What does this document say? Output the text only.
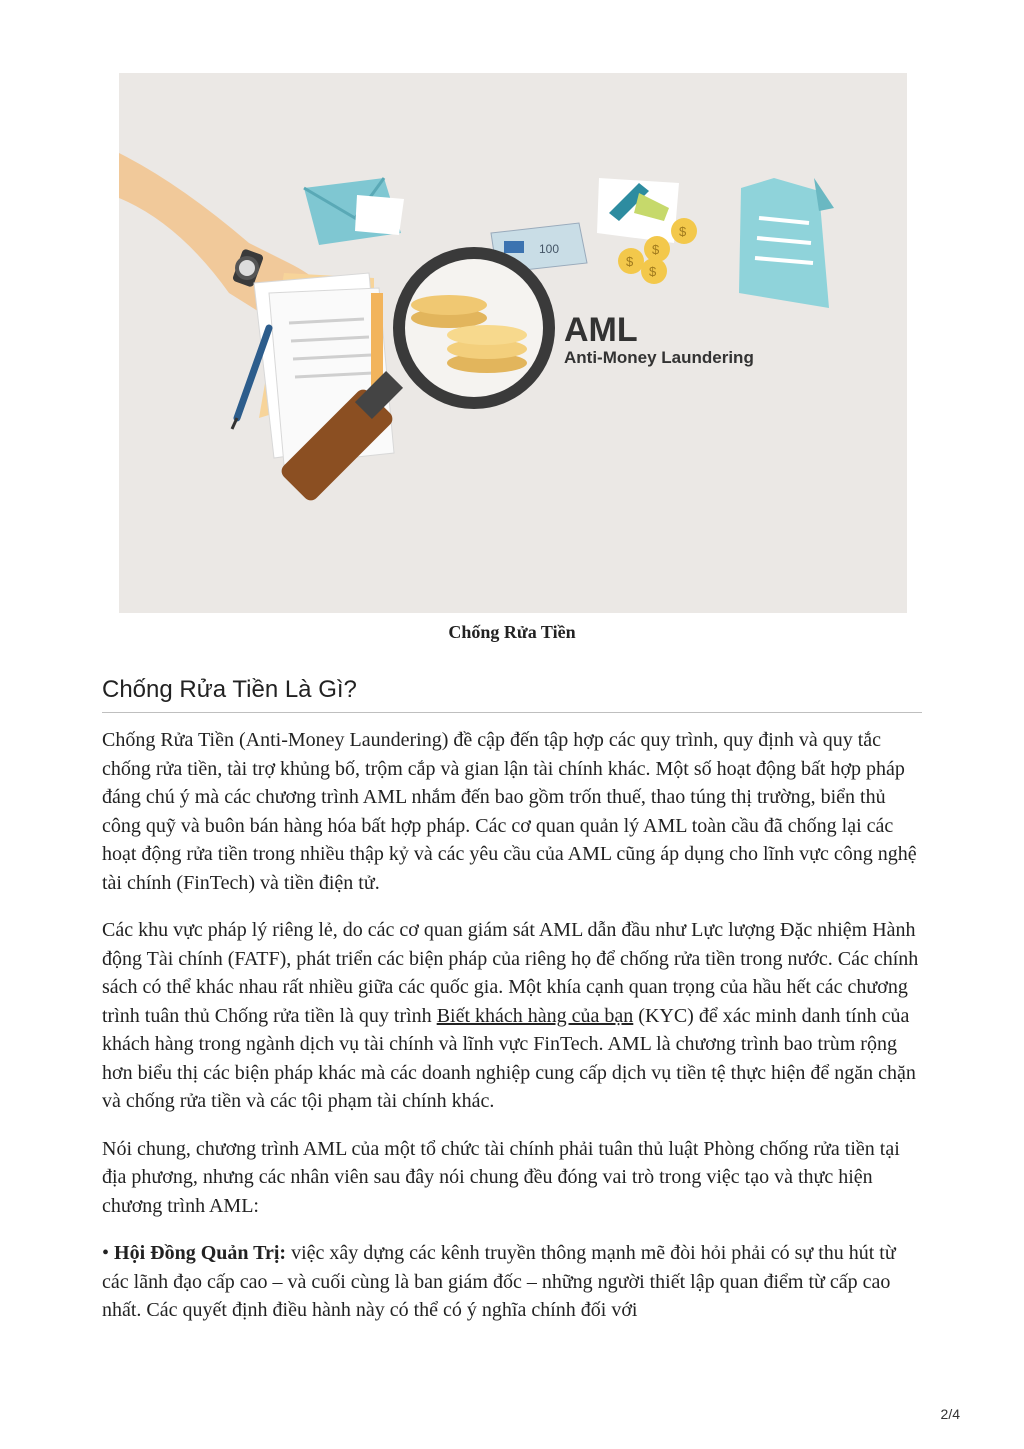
100
$
$
$
$
AML
Anti-Money Laundering
Chống Rửa Tiền
Chống Rửa Tiền Là Gì?

Chống Rửa Tiền (Anti-Money Laundering) đề cập đến tập hợp các quy trình, quy định và quy tắc chống rửa tiền, tài trợ khủng bố, trộm cắp và gian lận tài chính khác. Một số hoạt động bất hợp pháp đáng chú ý mà các chương trình AML nhắm đến bao gồm trốn thuế, thao túng thị trường, biển thủ công quỹ và buôn bán hàng hóa bất hợp pháp. Các cơ quan quản lý AML toàn cầu đã chống lại các hoạt động rửa tiền trong nhiều thập kỷ và các yêu cầu của AML cũng áp dụng cho lĩnh vực công nghệ tài chính (FinTech) và tiền điện tử.

Các khu vực pháp lý riêng lẻ, do các cơ quan giám sát AML dẫn đầu như Lực lượng Đặc nhiệm Hành động Tài chính (FATF), phát triển các biện pháp của riêng họ để chống rửa tiền trong nước. Các chính sách có thể khác nhau rất nhiều giữa các quốc gia. Một khía cạnh quan trọng của hầu hết các chương trình tuân thủ Chống rửa tiền là quy trình Biết khách hàng của bạn (KYC) để xác minh danh tính của khách hàng trong ngành dịch vụ tài chính và lĩnh vực FinTech. AML là chương trình bao trùm rộng hơn biểu thị các biện pháp khác mà các doanh nghiệp cung cấp dịch vụ tiền tệ thực hiện để ngăn chặn và chống rửa tiền và các tội phạm tài chính khác.

Nói chung, chương trình AML của một tổ chức tài chính phải tuân thủ luật Phòng chống rửa tiền tại địa phương, nhưng các nhân viên sau đây nói chung đều đóng vai trò trong việc tạo và thực hiện chương trình AML:

• Hội Đồng Quản Trị: việc xây dựng các kênh truyền thông mạnh mẽ đòi hỏi phải có sự thu hút từ các lãnh đạo cấp cao – và cuối cùng là ban giám đốc – những người thiết lập quan điểm từ cấp cao nhất. Các quyết định điều hành này có thể có ý nghĩa chính đối với

2/4
